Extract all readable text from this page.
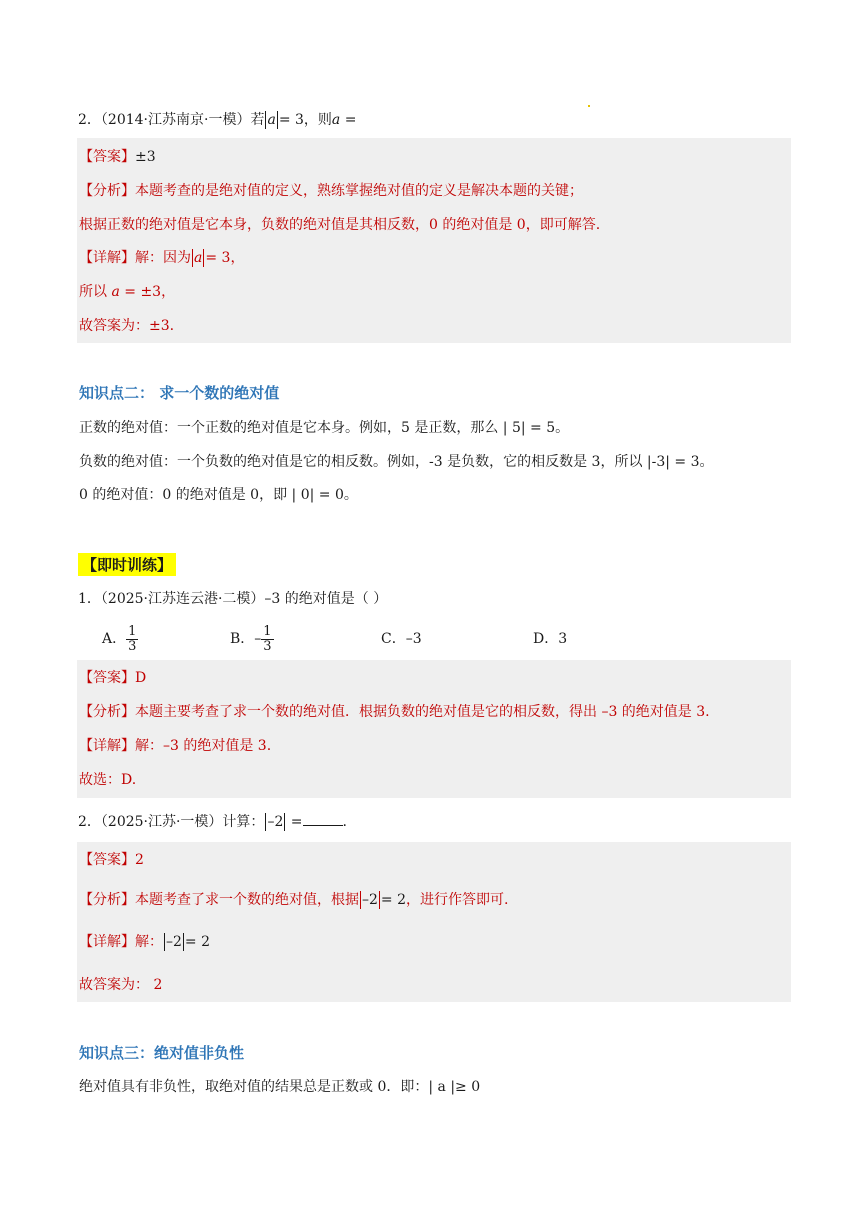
2．（2014·江苏南京·一模）若 a = 3，则a =
【答案】±3
【分析】本题考查的是绝对值的定义，熟练掌握绝对值的定义是解决本题的关键；
根据正数的绝对值是它本身，负数的绝对值是其相反数，0 的绝对值是 0，即可解答.
【详解】解：因为 a = 3，
所以 a = ±3，
故答案为：±3.
知识点二： 求一个数的绝对值
正数的绝对值：一个正数的绝对值是它本身。例如，5 是正数，那么 | 5| = 5。
负数的绝对值：一个负数的绝对值是它的相反数。例如，-3 是负数，它的相反数是 3，所以 |-3| = 3。
0 的绝对值：0 的绝对值是 0，即 | 0| = 0。
【即时训练】
1．（2025·江苏连云港·二模）–3 的绝对值是（ ）
A． $\frac{1}{3}$	B．– $\frac{1}{3}$	C．–3	D．3
【答案】D
【分析】本题主要考查了求一个数的绝对值．根据负数的绝对值是它的相反数，得出 –3 的绝对值是 3.
【详解】解：–3 的绝对值是 3.
故选：D.
2．（2025·江苏·一模）计算： –2 =	.
【答案】2
【分析】本题考查了求一个数的绝对值，根据 –2 = 2，进行作答即可.
【详解】解： –2 = 2
故答案为： 2
知识点三：绝对值非负性
绝对值具有非负性，取绝对值的结果总是正数或 0．即：| a |≥ 0
